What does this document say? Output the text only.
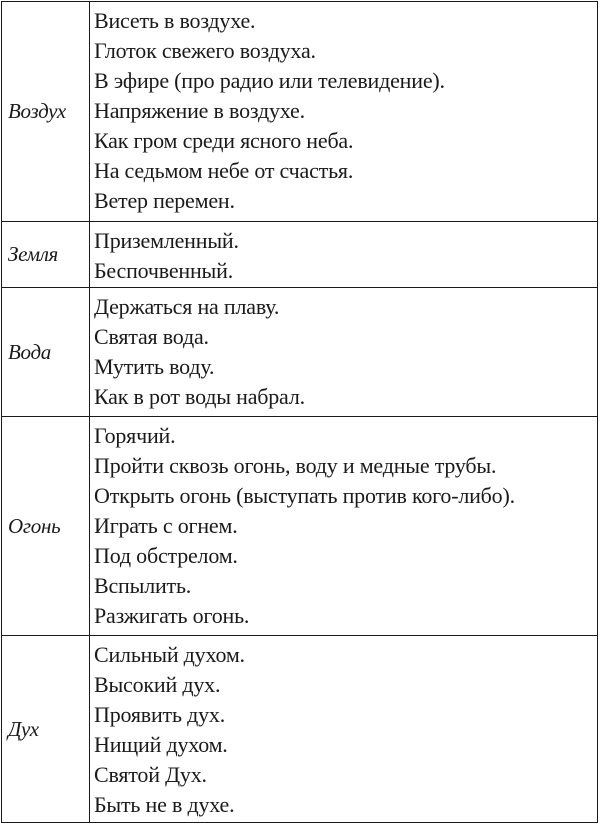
Воздух
Висеть в воздухе.
Глоток свежего воздуха.
В эфире (про радио или телевидение).
Напряжение в воздухе.
Как гром среди ясного неба.
На седьмом небе от счастья.
Ветер перемен.
Земля
Приземленный.
Беспочвенный.
Вода
Держаться на плаву.
Святая вода.
Мутить воду.
Как в рот воды набрал.
Огонь
Горячий.
Пройти сквозь огонь, воду и медные трубы.
Открыть огонь (выступать против кого-либо).
Играть с огнем.
Под обстрелом.
Вспылить.
Разжигать огонь.
Дух
Сильный духом.
Высокий дух.
Проявить дух.
Нищий духом.
Святой Дух.
Быть не в духе.
